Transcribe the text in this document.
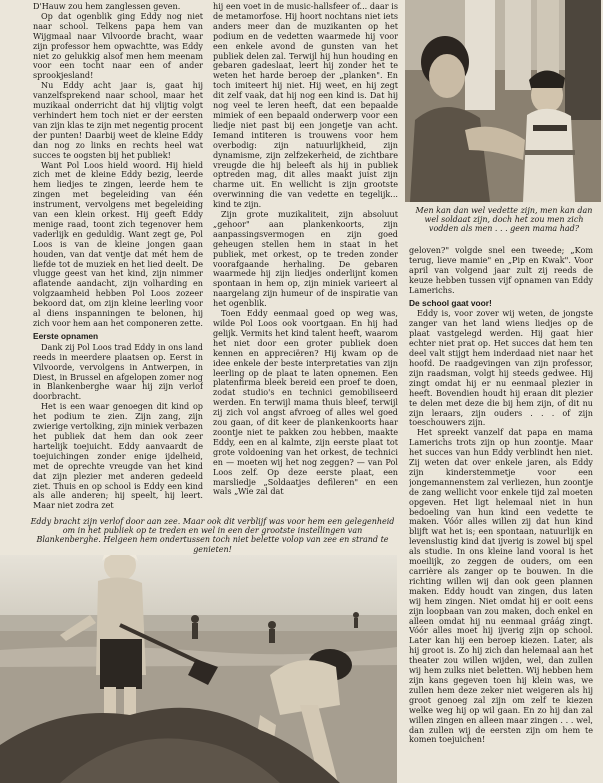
D'Hauw zou hem zanglessen geven.

Op dat ogenblik ging Eddy nog niet naar school. Telkens papa hem van Wijgmaal naar Vilvoorde bracht, waar zijn professor hem opwachtte, was Eddy niet zo gelukkig alsof men hem meenam voor een tocht naar een of ander sprookjesland!

Nu Eddy acht jaar is, gaat hij vanzelfsprekend naar school, maar het muzikaal onderricht dat hij vlijtig volgt verhindert hem toch niet er der eersten van zijn klas te zijn met negentig procent der punten! Daarbij weet de kleine Eddy dan nog zo links en rechts heel wat succes te oogsten bij het publiek!

Want Pol Loos hield woord. Hij hield zich met de kleine Eddy bezig, leerde hem liedjes te zingen, leerde hem te zingen met begeleiding van één instrument, vervolgens met begeleiding van een klein orkest. Hij geeft Eddy menige raad, toont zich tegenover hem vaderlijk en geduldig. Want zegt ge, Pol Loos is van de kleine jongen gaan houden, van dat ventje dat mét hem de liefde tot de muziek en het lied deelt. De vlugge geest van het kind, zijn nimmer aflatende aandacht, zijn volharding en volgzaamheid hebben Pol Loos zozeer bekoord dat, om zijn kleine leerling voor al diens inspanningen te belonen, hij zich voor hem aan het componeren zette.

Eerste opnamen

Dank zij Pol Loos trad Eddy in ons land reeds in meerdere plaatsen op. Eerst in Vilvoorde, vervolgens in Antwerpen, in Diest, in Brussel en afgelopen zomer nog in Blankenberghe waar hij zijn verlof doorbracht.

Het is een waar genoegen dit kind op het podium te zien. Zijn zang, zijn zwierige vertolking, zijn miniek verbazen het publiek dat hem dan ook zeer hartelijk toejuicht. Eddy aanvaardt de toejuichingen zonder enige ijdelheid, met de oprechte vreugde van het kind dat zijn plezier met anderen gedeeld ziet. Thuis en op school is Eddy een kind als alle anderen; hij speelt, hij leert. Maar niet zodra zet

hij een voet in de music-hallsfeer of... daar is de metamorfose. Hij hoort nochtans niet iets anders meer dan de muzikanten op het podium en de vedetten waarmede hij voor een enkele avond de gunsten van het publiek delen zal. Terwijl hij hun houding en gebaren gadeslaat, leert hij zonder het te weten het harde beroep der „planken". En toch imiteert hij niet. Hij weet, en hij zegt dit zelf vaak, dat hij nog een kind is. Dat hij nog veel te leren heeft, dat een bepaalde mimiek of een bepaald onderwerp voor een liedje niet past bij een jongetje van acht. Iemand intiteren is trouwens voor hem overbodig: zijn natuurlijkheid, zijn dynamisme, zijn zelfzekerheid, de zichtbare vreugde die hij beleeft als hij in publiek optreden mag, dit alles maakt juist zijn charme uit. En wellicht is zijn grootste overwinning die van vedette en tegelijk... kind te zijn.

Zijn grote muzikaliteit, zijn absoluut „gehoor" aan plankenkoorts, zijn aanpassingsvermogen en zijn goed geheugen stellen hem in staat in het publiek, met orkest, op te treden zonder voorafgaande herhaling. De gebaren waarmede hij zijn liedjes onderlijnt komen spontaan in hem op, zijn miniek varieert al naargelang zijn humeur of de inspiratie van het ogenblik.

Toen Eddy eenmaal goed op weg was, wilde Pol Loos ook voortgaan. En hij had gelijk. Vermits het kind talent heeft, waarom het niet door een groter publiek doen kennen en appreciëren? Hij kwam op de idee enkele der beste interpretaties van zijn leerling op de plaat te laten opnemen. Een platenfirma bleek bereid een proef te doen, zodat studio's en technici gemobiliseerd werden. En terwijl mama thuis bleef, terwijl zij zich vol angst afvroeg of alles wel goed zou gaan, of dit keer de plankenkoorts haar zoontje niet te pakken zou hebben, maakte Eddy, een en al kalmte, zijn eerste plaat tot grote voldoening van het orkest, de technici en — moeten wij het nog zeggen? — van Pol Loos zelf. Op deze eerste plaat, een marsliedje „Soldaatjes defileren" en een wals „Wie zal dat

Men kan dan wel vedette zijn, men kan dan wel soldaat zijn, doch het zou men zich vodden als men . . . geen mama had?

geloven?" volgde snel een tweede; „Kom terug, lieve mamie" en „Pip en Kwak". Voor april van volgend jaar zult zij reeds de keuze hebben tussen vijf opnamen van Eddy Lamerichs.

De school gaat voor!

Eddy is, voor zover wij weten, de jongste zanger van het land wiens liedjes op de plaat vastgelegd werden. Hij gaat hier echter niet prat op. Het succes dat hem ten deel valt stijgt hem inderdaad niet naar het hoofd. De raadgevingen van zijn professor, zijn raadsman, volgt hij steeds gedwee. Hij zingt omdat hij er nu eenmaal plezier in heeft. Bovendien houdt hij eraan dit plezier te delen met deze die bij hem zijn, of dit nu zijn leraars, zijn ouders . . . of zijn toeschouwers zijn.

Het spreekt vanzelf dat papa en mama Lamerichs trots zijn op hun zoontje. Maar het succes van hun Eddy verblindt hen niet. Zij weten dat over enkele jaren, als Eddy zijn kinderstemmetje voor een jongemannenstem zal verliezen, hun zoontje de zang wellicht voor enkele tijd zal moeten opgeven. Het ligt helemaal niet in hun bedoeling van hun kind een vedette te maken. Vóór alles willen zij dat hun kind blijft wat het is; een spontaan, natuurlijk en levenslustig kind dat ijverig is zowel bij spel als studie. In ons kleine land vooral is het moeilijk, zo zeggen de ouders, om een carrière als zanger op te bouwen. In die richting willen wij dan ook geen plannen maken. Eddy houdt van zingen, dus laten wij hem zingen. Niet omdat hij er ooit eens zijn loopbaan van zou maken, doch enkel en alleen omdat hij nu eenmaal gráág zingt. Vóór alles moet hij ijverig zijn op school. Later kan hij een beroep kiezen. Later, als hij groot is. Zo hij zich dan helemaal aan het theater zou willen wijden, wel, dan zullen wij hem zulks niet beletten. Wij hebben hem zijn kans gegeven toen hij klein was, we zullen hem deze zeker niet weigeren als hij groot genoeg zal zijn om zelf te kiezen welke weg hij op wil gaan. En zo hij dan zal willen zingen en alleen maar zingen . . . wel, dan zullen wij de eersten zijn om hem te komen toejuichen!

Eddy bracht zijn verlof door aan zee. Maar ook dit verblijf was voor hem een gelegenheid om in het publiek op te treden en wel in een der grootste instellingen van Blankenberghe. Helgeen hem ondertussen toch niet belette volop van zee en strand te genieten!
